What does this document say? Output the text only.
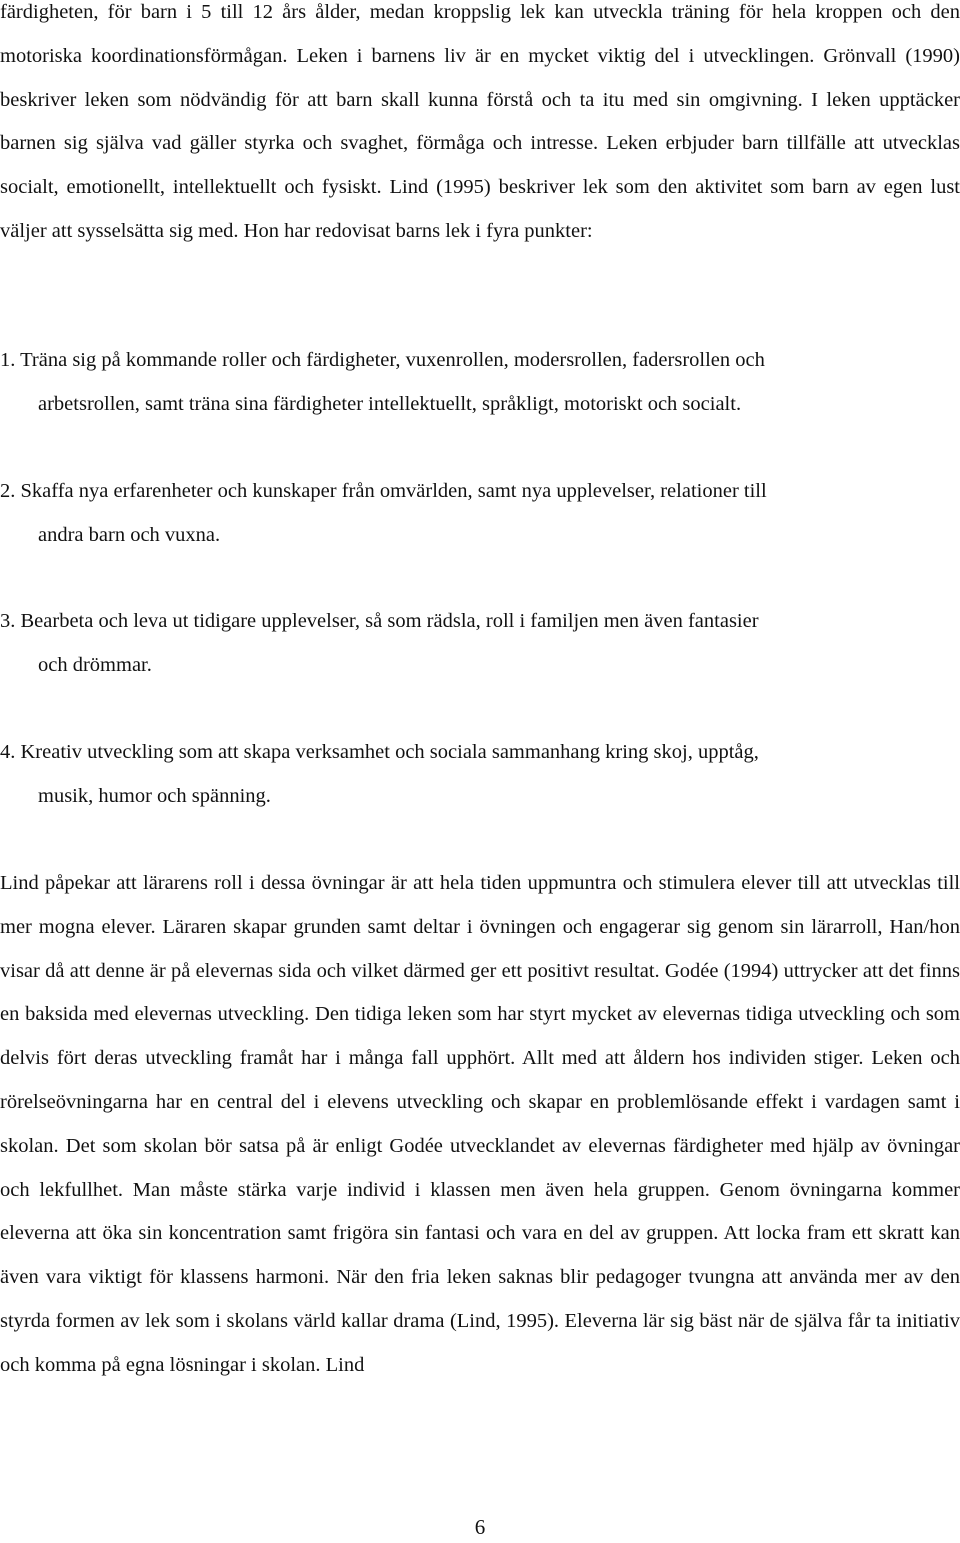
färdigheten, för barn i 5 till 12 års ålder, medan kroppslig lek kan utveckla träning för hela kroppen och den motoriska koordinationsförmågan. Leken i barnens liv är en mycket viktig del i utvecklingen. Grönvall (1990) beskriver leken som nödvändig för att barn skall kunna förstå och ta itu med sin omgivning. I leken upptäcker barnen sig själva vad gäller styrka och svaghet, förmåga och intresse. Leken erbjuder barn tillfälle att utvecklas socialt, emotionellt, intellektuellt och fysiskt. Lind (1995) beskriver lek som den aktivitet som barn av egen lust väljer att sysselsätta sig med. Hon har redovisat barns lek i fyra punkter:

1. Träna sig på kommande roller och färdigheter, vuxenrollen, modersrollen, fadersrollen och
arbetsrollen, samt träna sina färdigheter intellektuellt, språkligt, motoriskt och socialt.
2. Skaffa nya erfarenheter och kunskaper från omvärlden, samt nya upplevelser, relationer till
andra barn och vuxna.
3. Bearbeta och leva ut tidigare upplevelser, så som rädsla, roll i familjen men även fantasier
och drömmar.
4. Kreativ utveckling som att skapa verksamhet och sociala sammanhang kring skoj, upptåg,
musik, humor och spänning.

Lind påpekar att lärarens roll i dessa övningar är att hela tiden uppmuntra och stimulera elever till att utvecklas till mer mogna elever. Läraren skapar grunden samt deltar i övningen och engagerar sig genom sin lärarroll, Han/hon visar då att denne är på elevernas sida och vilket därmed ger ett positivt resultat. Godée (1994) uttrycker att det finns en baksida med elevernas utveckling. Den tidiga leken som har styrt mycket av elevernas tidiga utveckling och som delvis fört deras utveckling framåt har i många fall upphört. Allt med att åldern hos individen stiger. Leken och rörelseövningarna har en central del i elevens utveckling och skapar en problemlösande effekt i vardagen samt i skolan. Det som skolan bör satsa på är enligt Godée utvecklandet av elevernas färdigheter med hjälp av övningar och lekfullhet. Man måste stärka varje individ i klassen men även hela gruppen. Genom övningarna kommer eleverna att öka sin koncentration samt frigöra sin fantasi och vara en del av gruppen. Att locka fram ett skratt kan även vara viktigt för klassens harmoni. När den fria leken saknas blir pedagoger tvungna att använda mer av den styrda formen av lek som i skolans värld kallar drama (Lind, 1995). Eleverna lär sig bäst när de själva får ta initiativ och komma på egna lösningar i skolan. Lind

6
